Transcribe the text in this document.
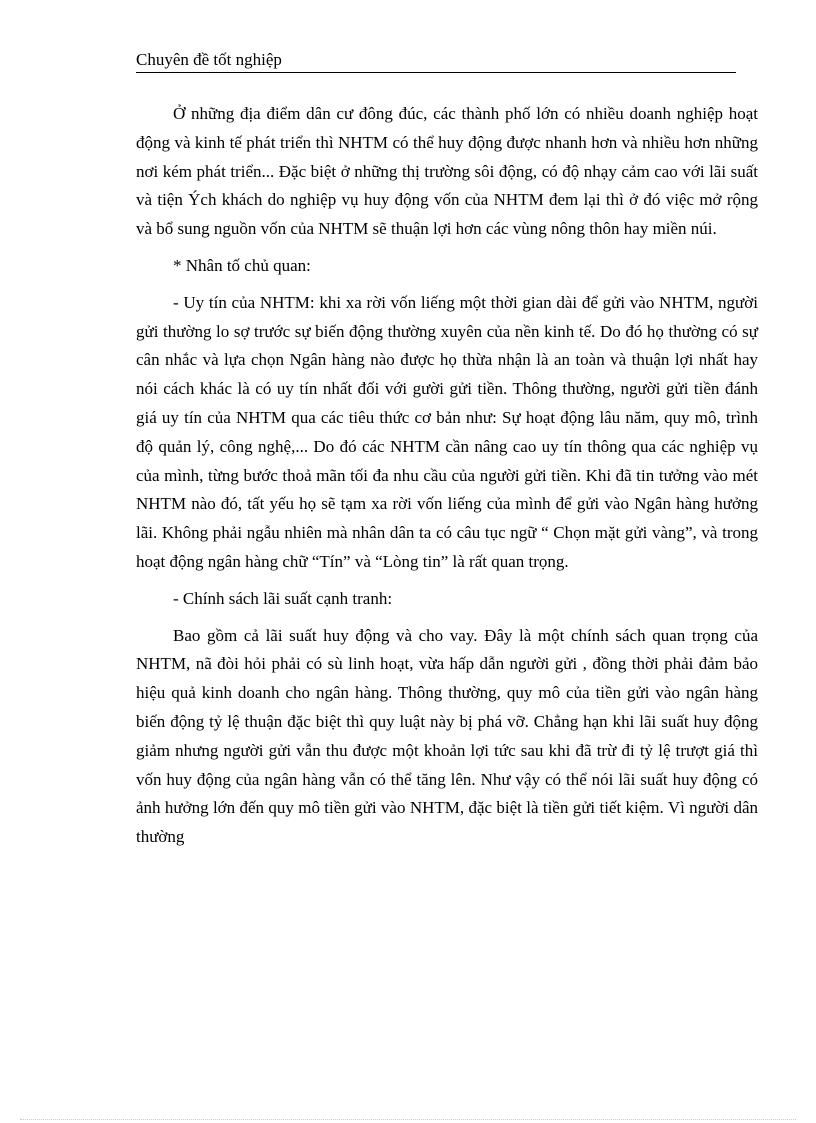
Chuyên đề tốt nghiệp

Ở những địa điểm dân cư đông đúc, các thành phố lớn có nhiều doanh nghiệp hoạt động và kinh tế phát triển thì NHTM có thể huy động được nhanh hơn và nhiều hơn những nơi kém phát triển... Đặc biệt ở những thị trường sôi động, có độ nhạy cảm cao với lãi suất và tiện Ých khách do nghiệp vụ huy động vốn của NHTM đem lại thì ở đó việc mở rộng và bổ sung nguồn vốn của NHTM sẽ thuận lợi hơn các vùng nông thôn hay miền núi.

* Nhân tố chủ quan:

- Uy tín của NHTM: khi xa rời vốn liếng một thời gian dài để gửi vào NHTM, người gửi thường lo sợ trước sự biến động thường xuyên của nền kinh tế. Do đó họ thường có sự cân nhắc và lựa chọn Ngân hàng nào được họ thừa nhận là an toàn và thuận lợi nhất hay nói cách khác là có uy tín nhất đối với gười gửi tiền. Thông thường, người gửi tiền đánh giá uy tín của NHTM qua các tiêu thức cơ bản như: Sự hoạt động lâu năm, quy mô, trình độ quản lý, công nghệ,... Do đó các NHTM cần nâng cao uy tín thông qua các nghiệp vụ của mình, từng bước thoả mãn tối đa nhu cầu của người gửi tiền. Khi đã tin tưởng vào mét NHTM nào đó, tất yếu họ sẽ tạm xa rời vốn liếng của mình để gửi vào Ngân hàng hưởng lãi. Không phải ngẫu nhiên mà nhân dân ta có câu tục ngữ “ Chọn mặt gửi vàng”, và trong hoạt động ngân hàng chữ “Tín” và “Lòng tin” là rất quan trọng.

- Chính sách lãi suất cạnh tranh:

Bao gồm cả lãi suất huy động và cho vay. Đây là một chính sách quan trọng của NHTM, nã đòi hỏi phải có sù linh hoạt, vừa hấp dẫn người gửi , đồng thời phải đảm bảo hiệu quả kinh doanh cho ngân hàng. Thông thường, quy mô của tiền gửi vào ngân hàng biến động tỷ lệ thuận đặc biệt thì quy luật này bị phá vỡ. Chẳng hạn khi lãi suất huy động giảm nhưng người gửi vẫn thu được một khoản lợi tức sau khi đã trừ đi tỷ lệ trượt giá thì vốn huy động của ngân hàng vẫn có thể tăng lên. Như vậy có thể nói lãi suất huy động có ảnh hưởng lớn đến quy mô tiền gửi vào NHTM, đặc biệt là tiền gửi tiết kiệm. Vì người dân thường
